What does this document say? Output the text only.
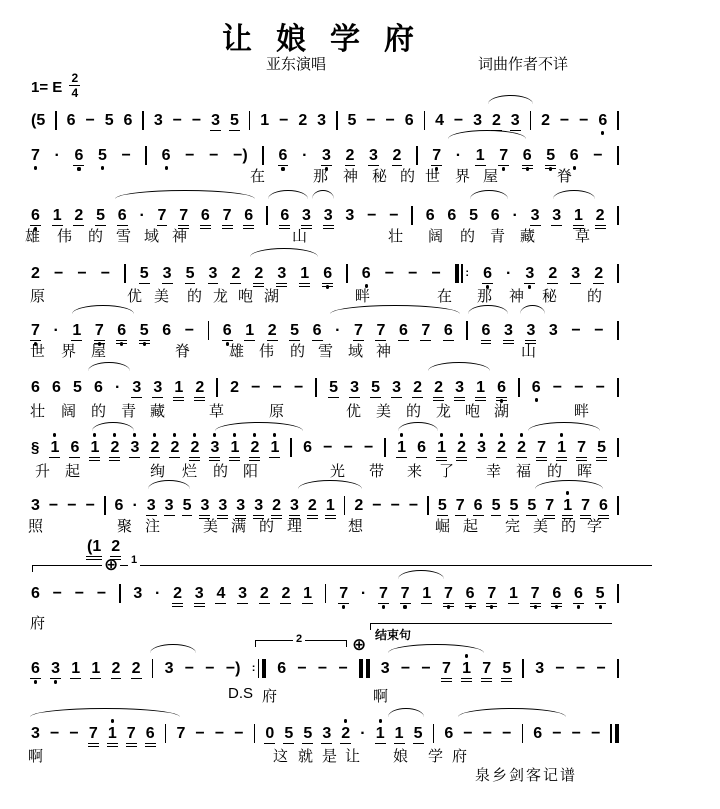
让娘学府
亚东演唱	词曲作者不详
1= E $\frac{2}{4}$
(5 6 − 5 6 3 − − 3 5 1 − 2 3 5 − − 6 4 − 3 2 3 2 − − 6
7 · 6 5 − 6 − − −) 6 · 3 2 3 2 7 · 1 7 6 5 6 −
在	那 神 秘 的 世 界 屋	脊
6 1 2 5 6 · 7 7 6 7 6 6 3 3 3 − − 6 6 5 6 · 3 3 1 2
雄 伟 的 雪 域 神	山	壮 阔 的 青 藏	草
2 − − − 5 3 5 3 2 2 3 1 6 6 − − − : 6 · 3 2 3 2
原	优 美 的 龙 咆 湖	畔	在 那 神 秘 的
7 · 1 7 6 5 6 − 6 1 2 5 6 · 7 7 6 7 6 6 3 3 3 − −
世 界 屋	脊	雄 伟 的 雪 域 神	山
6 6 5 6 · 3 3 1 2 2 − − − 5 3 5 3 2 2 3 1 6 6 − − −
壮 阔 的 青 藏	草	原	优 美 的 龙 咆 湖	畔
§ 1 6 1 2 3 2 2 2 3 1 2 1 6 − − − 1 6 1 2 3 2 2 7 1 7 5
升 起	绚 烂 的 阳	光 带 来 了 幸 福 的 晖
3 − − − 6 · 3 3 5 3 3 3 3 2 3 2 1 2 − − − 5 7 6 5 5 5 7 1 7 6
照	聚 注	美 满 的 理	想	崛 起 完 美 的 学
⊕ 1
6 − − − 3 · 2 3 4 3 2 2 1 7 · 7 7 1 7 6 7 1 7 6 6 5
府
结束句
⊕
2
6 3 1 1 2 2 3 − − −) : 6 − − − 3 − − 7 1 7 5 3 − − −
D.S 府	啊
3 − − 7 1 7 6 7 − − − 0 5 5 3 2 · 1 1 5 6 − − − 6 − − −
啊	这 就 是 让 娘 学 府
(1 2
泉乡剑客记谱
